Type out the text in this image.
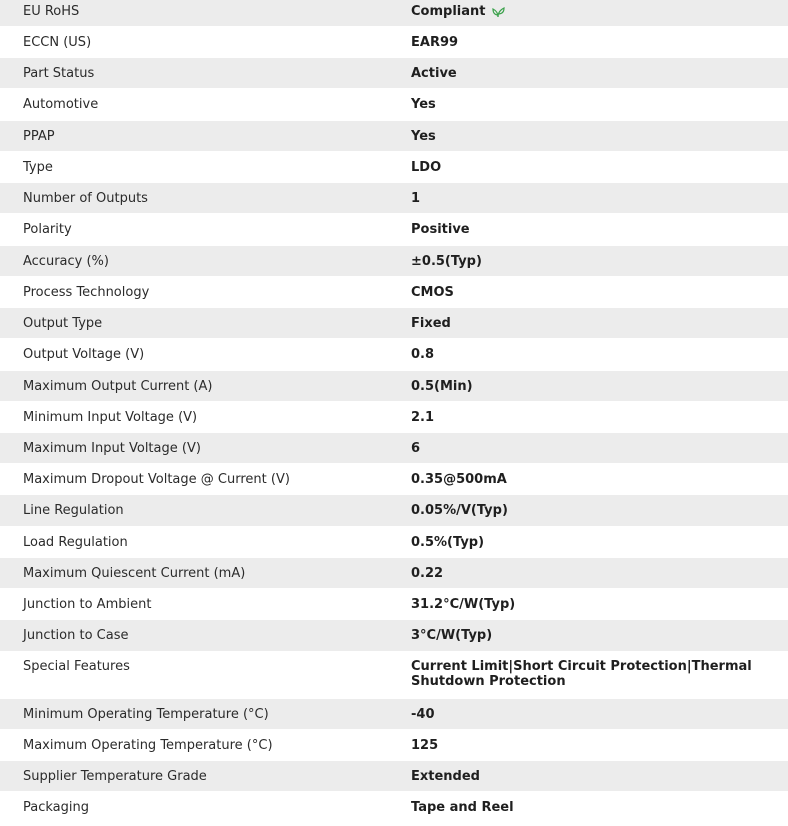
EU RoHS	Compliant
ECCN (US)	EAR99
Part Status	Active
Automotive	Yes
PPAP	Yes
Type	LDO
Number of Outputs	1
Polarity	Positive
Accuracy (%)	±0.5(Typ)
Process Technology	CMOS
Output Type	Fixed
Output Voltage (V)	0.8
Maximum Output Current (A)	0.5(Min)
Minimum Input Voltage (V)	2.1
Maximum Input Voltage (V)	6
Maximum Dropout Voltage @ Current (V)	0.35@500mA
Line Regulation	0.05%/V(Typ)
Load Regulation	0.5%(Typ)
Maximum Quiescent Current (mA)	0.22
Junction to Ambient	31.2°C/W(Typ)
Junction to Case	3°C/W(Typ)
Special Features	Current Limit|Short Circuit Protection|Thermal Shutdown Protection
Minimum Operating Temperature (°C)	-40
Maximum Operating Temperature (°C)	125
Supplier Temperature Grade	Extended
Packaging	Tape and Reel
